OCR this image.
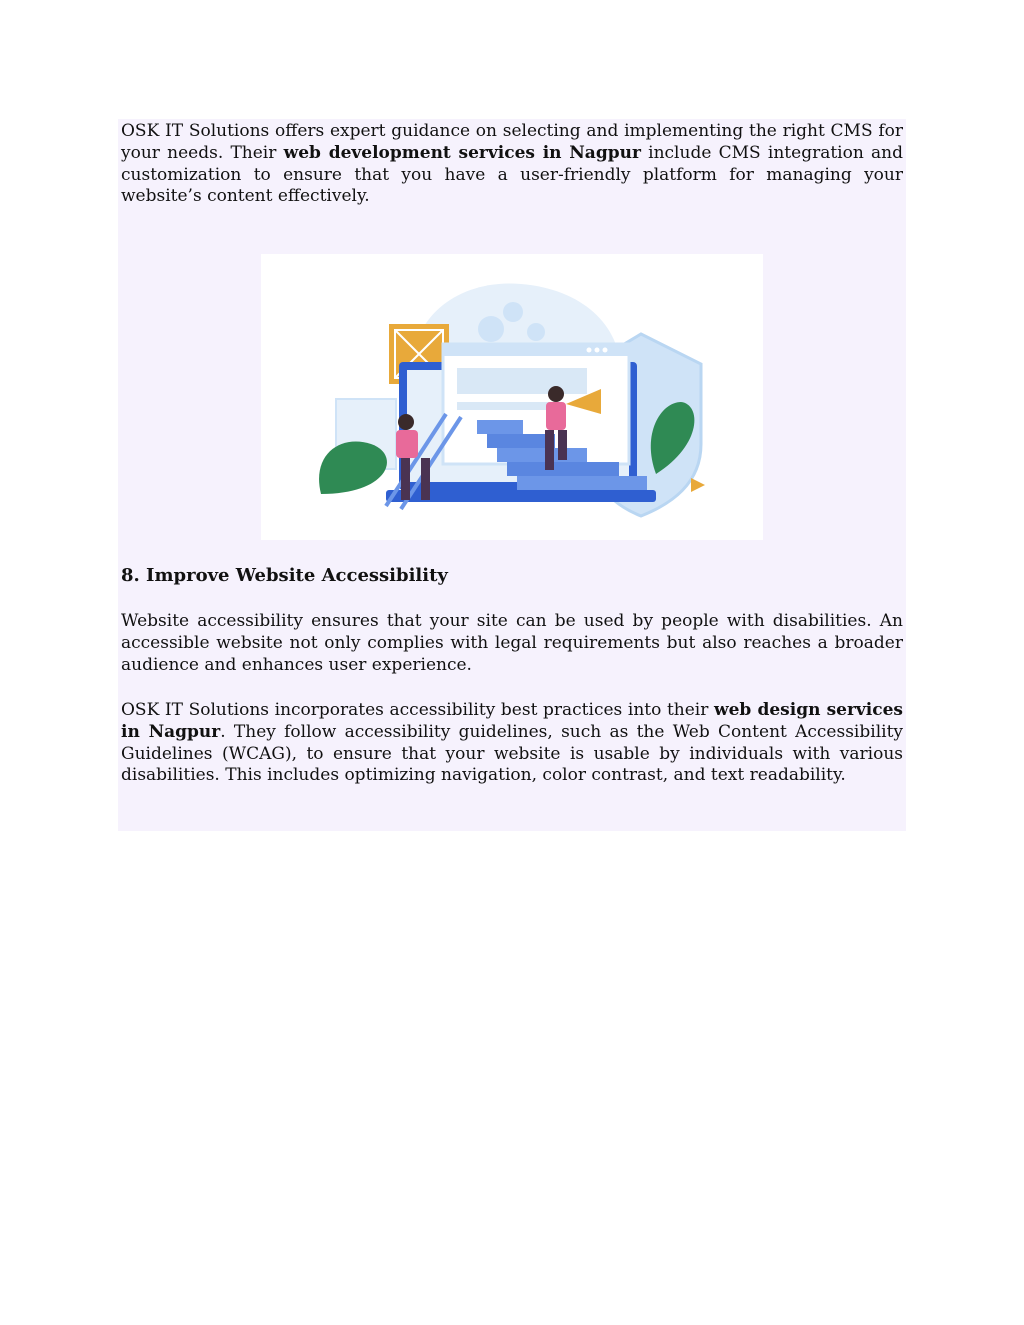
OSK IT Solutions offers expert guidance on selecting and implementing the right CMS for your needs. Their web development services in Nagpur include CMS integration and customization to ensure that you have a user-friendly platform for managing your website’s content effectively.

8. Improve Website Accessibility

Website accessibility ensures that your site can be used by people with disabilities. An accessible website not only complies with legal requirements but also reaches a broader audience and enhances user experience.

OSK IT Solutions incorporates accessibility best practices into their web design services in Nagpur. They follow accessibility guidelines, such as the Web Content Accessibility Guidelines (WCAG), to ensure that your website is usable by individuals with various disabilities. This includes optimizing navigation, color contrast, and text readability.
